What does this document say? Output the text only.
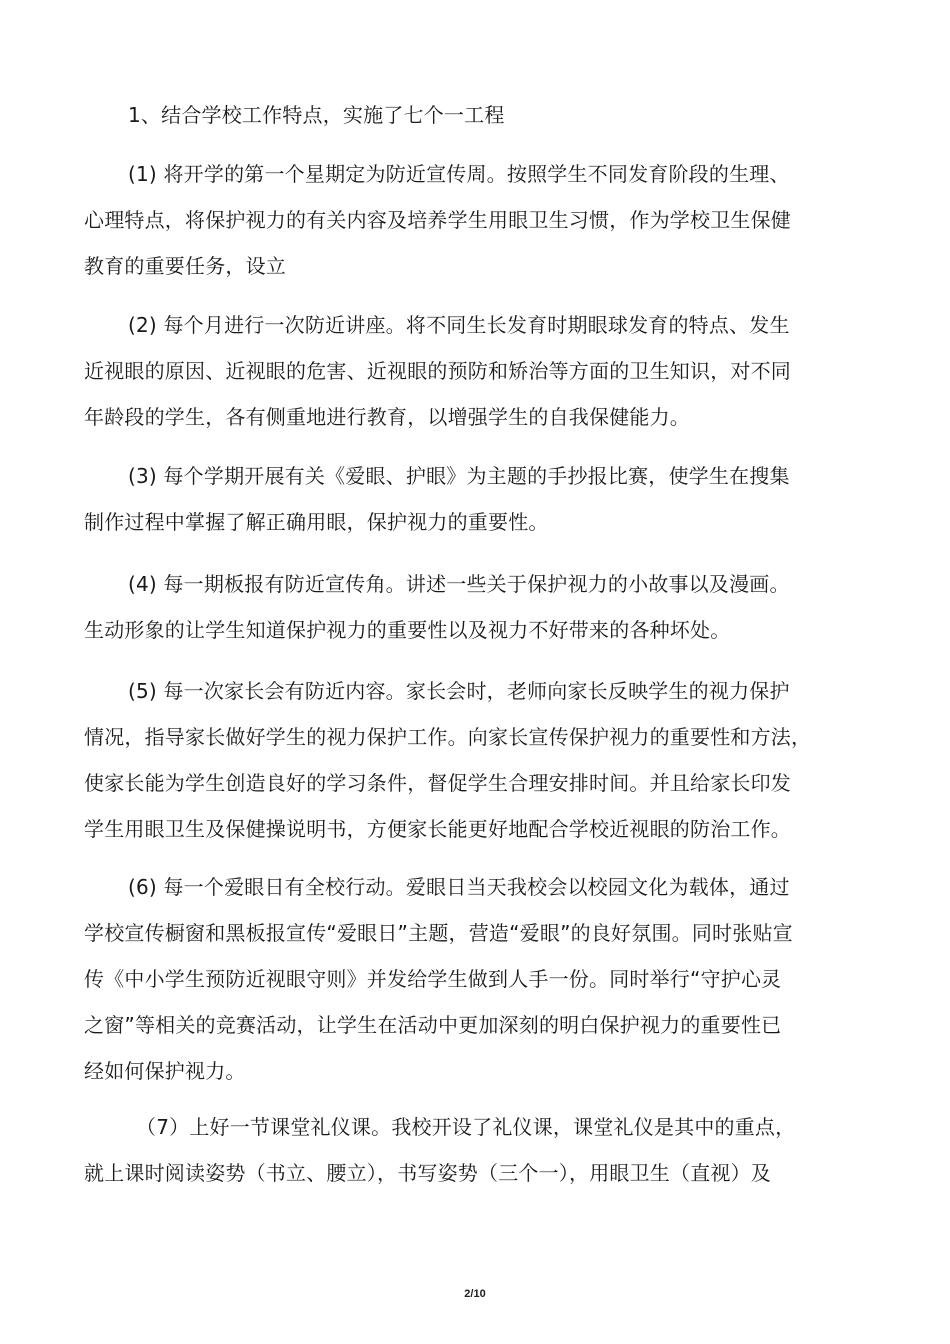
1、结合学校工作特点，实施了七个一工程

(1) 将开学的第一个星期定为防近宣传周。按照学生不同发育阶段的生理、
心理特点，将保护视力的有关内容及培养学生用眼卫生习惯，作为学校卫生保健
教育的重要任务，设立

(2) 每个月进行一次防近讲座。将不同生长发育时期眼球发育的特点、发生
近视眼的原因、近视眼的危害、近视眼的预防和矫治等方面的卫生知识，对不同
年龄段的学生，各有侧重地进行教育，以增强学生的自我保健能力。

(3) 每个学期开展有关《爱眼、护眼》为主题的手抄报比赛，使学生在搜集
制作过程中掌握了解正确用眼，保护视力的重要性。

(4) 每一期板报有防近宣传角。讲述一些关于保护视力的小故事以及漫画。
生动形象的让学生知道保护视力的重要性以及视力不好带来的各种坏处。

(5) 每一次家长会有防近内容。家长会时，老师向家长反映学生的视力保护
情况，指导家长做好学生的视力保护工作。向家长宣传保护视力的重要性和方法，
使家长能为学生创造良好的学习条件，督促学生合理安排时间。并且给家长印发
学生用眼卫生及保健操说明书，方便家长能更好地配合学校近视眼的防治工作。

(6) 每一个爱眼日有全校行动。爱眼日当天我校会以校园文化为载体，通过
学校宣传橱窗和黑板报宣传“爱眼日”主题，营造“爱眼”的良好氛围。同时张贴宣
传《中小学生预防近视眼守则》并发给学生做到人手一份。同时举行“守护心灵
之窗”等相关的竞赛活动，让学生在活动中更加深刻的明白保护视力的重要性已
经如何保护视力。

（7）上好一节课堂礼仪课。我校开设了礼仪课，课堂礼仪是其中的重点，
就上课时阅读姿势（书立、腰立），书写姿势（三个一），用眼卫生（直视）及

2/10
